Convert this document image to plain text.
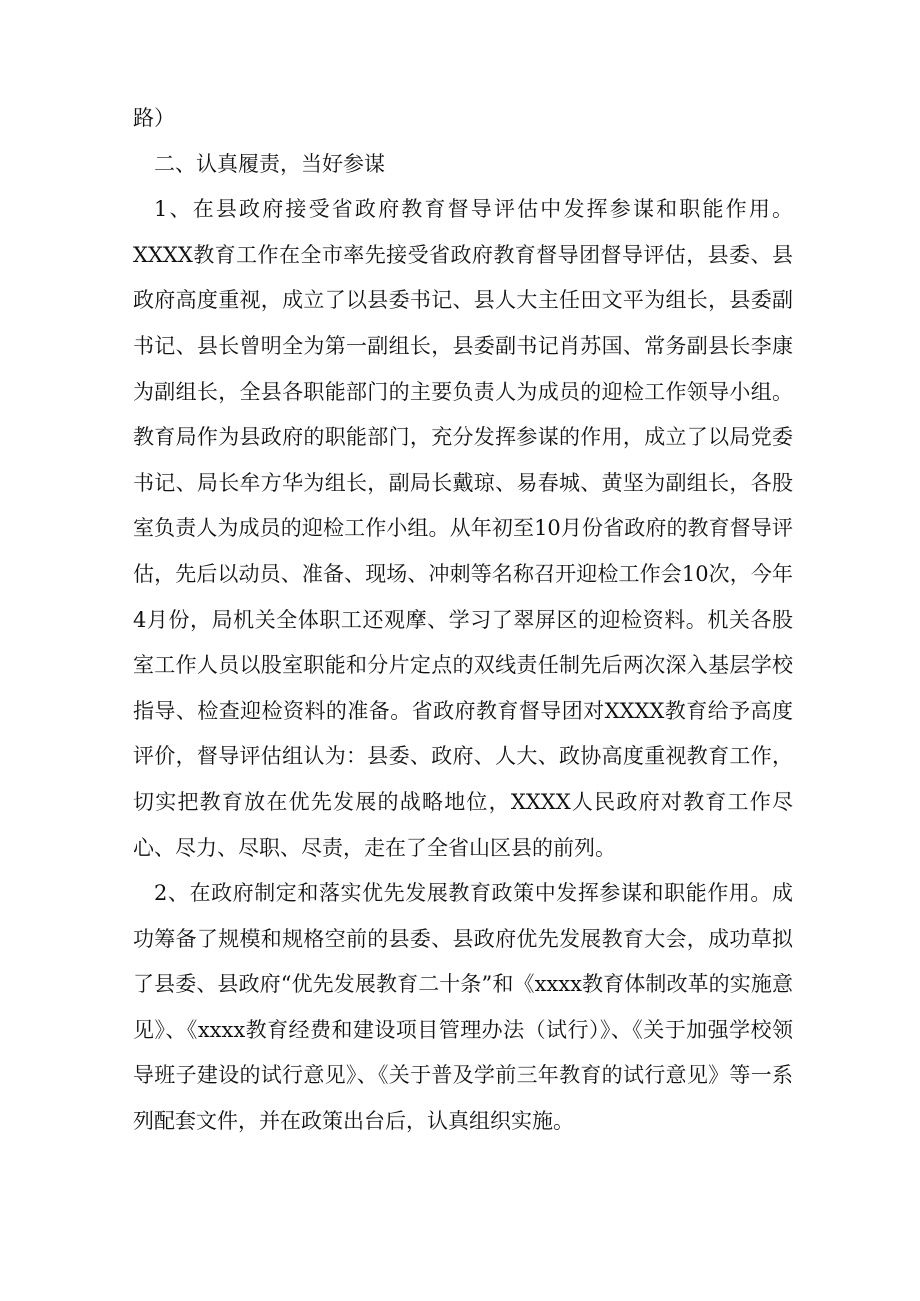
路）

二、认真履责，当好参谋

1、在县政府接受省政府教育督导评估中发挥参谋和职能作用。XXXX教育工作在全市率先接受省政府教育督导团督导评估，县委、县政府高度重视，成立了以县委书记、县人大主任田文平为组长，县委副书记、县长曾明全为第一副组长，县委副书记肖苏国、常务副县长李康为副组长，全县各职能部门的主要负责人为成员的迎检工作领导小组。教育局作为县政府的职能部门，充分发挥参谋的作用，成立了以局党委书记、局长牟方华为组长，副局长戴琼、易春城、黄坚为副组长，各股室负责人为成员的迎检工作小组。从年初至10月份省政府的教育督导评估，先后以动员、准备、现场、冲刺等名称召开迎检工作会10次，今年4月份，局机关全体职工还观摩、学习了翠屏区的迎检资料。机关各股室工作人员以股室职能和分片定点的双线责任制先后两次深入基层学校指导、检查迎检资料的准备。省政府教育督导团对XXXX教育给予高度评价，督导评估组认为：县委、政府、人大、政协高度重视教育工作，切实把教育放在优先发展的战略地位，XXXX人民政府对教育工作尽心、尽力、尽职、尽责，走在了全省山区县的前列。

2、在政府制定和落实优先发展教育政策中发挥参谋和职能作用。成功筹备了规模和规格空前的县委、县政府优先发展教育大会，成功草拟了县委、县政府“优先发展教育二十条”和《xxxx教育体制改革的实施意见》、《xxxx教育经费和建设项目管理办法（试行）》、《关于加强学校领导班子建设的试行意见》、《关于普及学前三年教育的试行意见》等一系列配套文件，并在政策出台后，认真组织实施。
